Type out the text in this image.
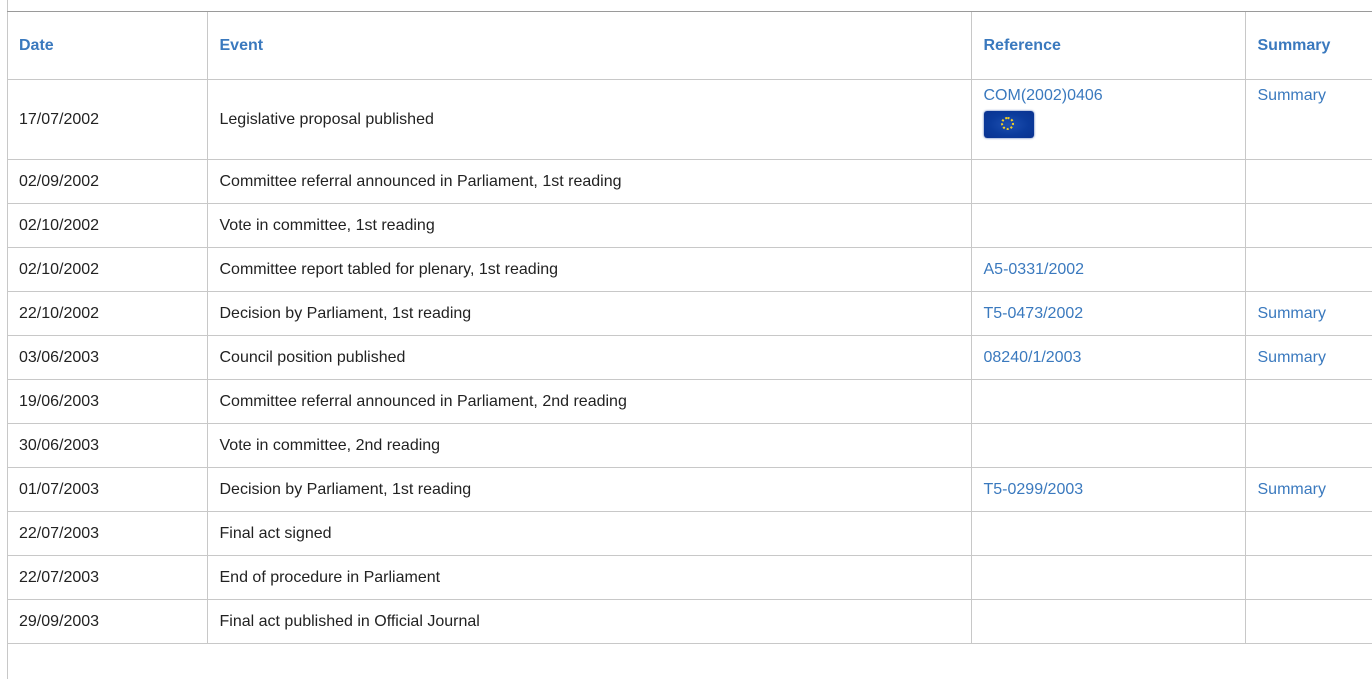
Date	Event	Reference	Summary
17/07/2002	Legislative proposal published	COM(2002)0406	Summary
02/09/2002	Committee referral announced in Parliament, 1st reading		
02/10/2002	Vote in committee, 1st reading		
02/10/2002	Committee report tabled for plenary, 1st reading	A5-0331/2002	
22/10/2002	Decision by Parliament, 1st reading	T5-0473/2002	Summary
03/06/2003	Council position published	08240/1/2003	Summary
19/06/2003	Committee referral announced in Parliament, 2nd reading		
30/06/2003	Vote in committee, 2nd reading		
01/07/2003	Decision by Parliament, 1st reading	T5-0299/2003	Summary
22/07/2003	Final act signed		
22/07/2003	End of procedure in Parliament		
29/09/2003	Final act published in Official Journal		
